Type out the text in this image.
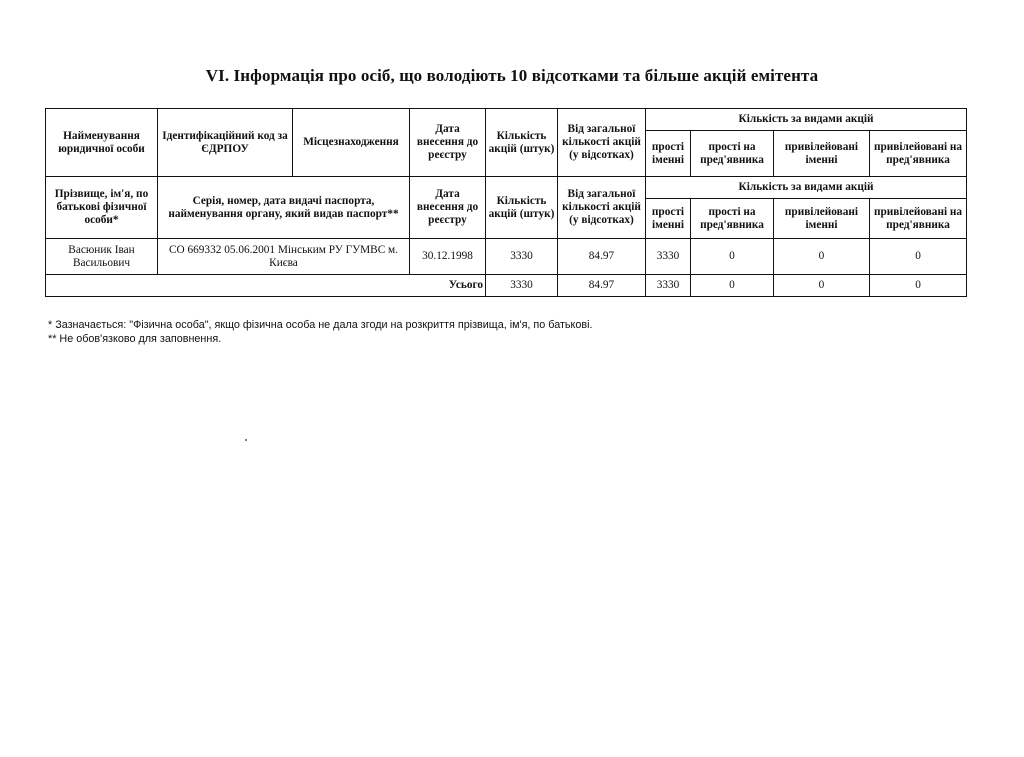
VI. Інформація про осіб, що володіють 10 відсотками та більше акцій емітента
Найменування юридичної особи	Ідентифікаційний код за ЄДРПОУ	Місцезнаходження	Дата внесення до реєстру	Кількість акцій (штук)	Від загальної кількості акцій (у відсотках)	Кількість за видами акцій			
						прості іменні	прості на пред'явника	привілейовані іменні	привілейовані на пред'явника
Прізвище, ім'я, по батькові фізичної особи*	Серія, номер, дата видачі паспорта, найменування органу, який видав паспорт**		Дата внесення до реєстру	Кількість акцій (штук)	Від загальної кількості акцій (у відсотках)	Кількість за видами акцій			
						прості іменні	прості на пред'явника	привілейовані іменні	привілейовані на пред'явника
Васюник Іван Васильович	СО 669332 05.06.2001 Мінським РУ ГУМВС м. Києва		30.12.1998	3330	84.97	3330	0	0	0
Усього				3330	84.97	3330	0	0	0
* Зазначається: "Фізична особа", якщо фізична особа не дала згоди на розкриття прізвища, ім'я, по батькові.
** Не обов'язково для заповнення.
